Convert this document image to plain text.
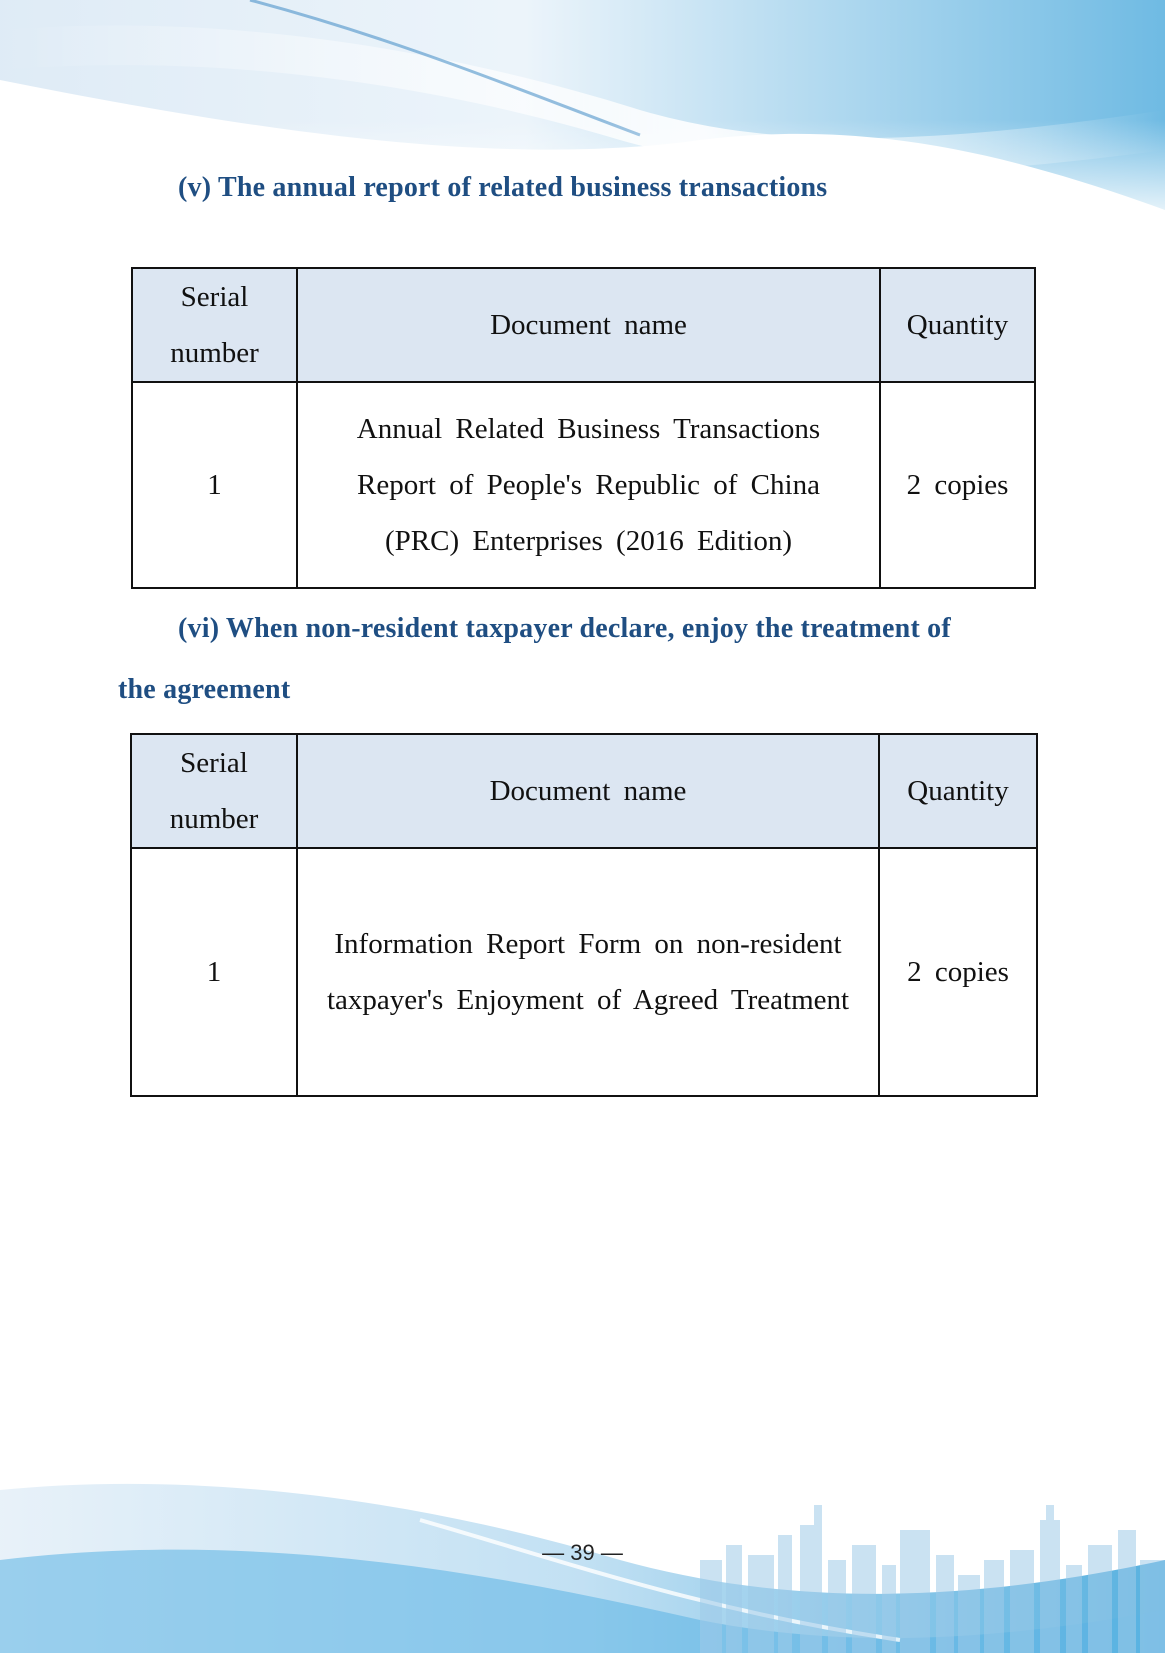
(v) The annual report of related business transactions
Serial number	Document name	Quantity
1	Annual Related Business Transactions Report of People's Republic of China (PRC) Enterprises (2016 Edition)	2 copies
(vi) When non-resident taxpayer declare, enjoy the treatment of
the agreement
Serial number	Document name	Quantity
1	Information Report Form on non-resident taxpayer's Enjoyment of Agreed Treatment	2 copies
— 39 —
